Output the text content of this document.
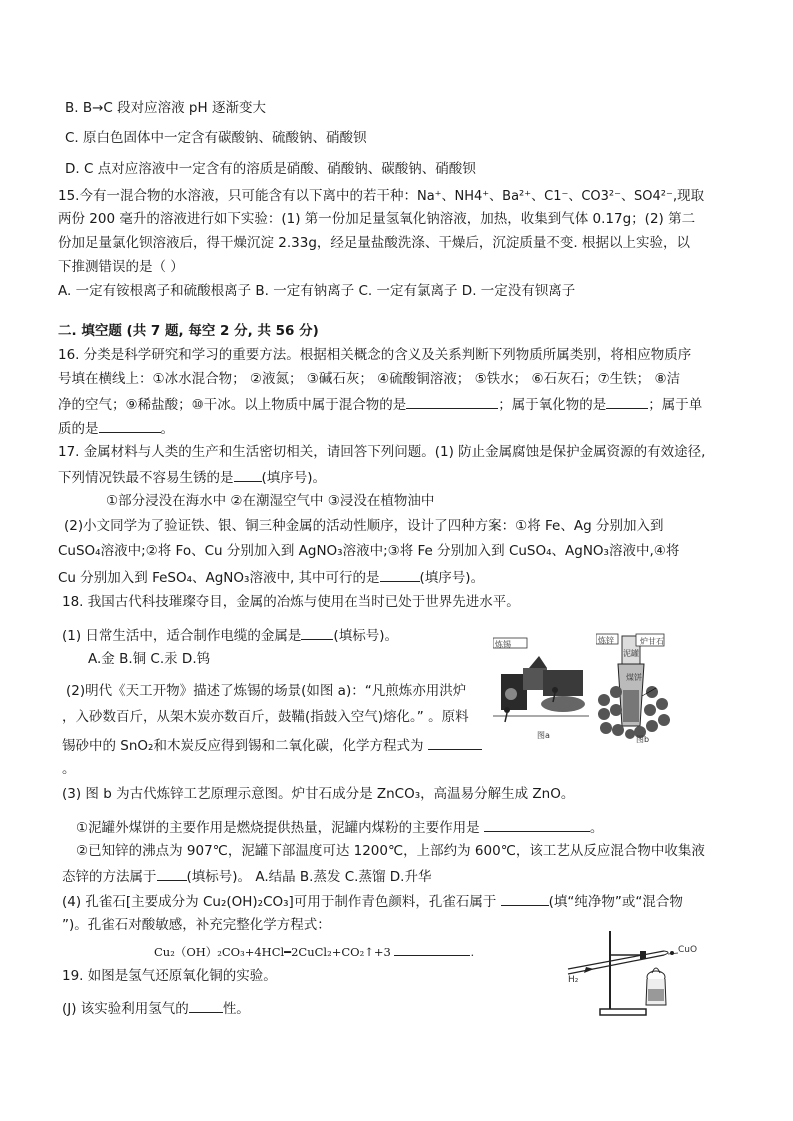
B. B→C 段对应溶液 pH 逐渐变大
C. 原白色固体中一定含有碳酸钠、硫酸钠、硝酸钡
D. C 点对应溶液中一定含有的溶质是硝酸、硝酸钠、碳酸钠、硝酸钡
15.今有一混合物的水溶液，只可能含有以下离中的若干种：Na⁺、NH4⁺、Ba²⁺、C1⁻、CO3²⁻、SO4²⁻,现取
两份 200 毫升的溶液进行如下实验：(1) 第一份加足量氢氧化钠溶液，加热，收集到气体 0.17g；(2) 第二
份加足量氯化钡溶液后，得干燥沉淀 2.33g，经足量盐酸洗涤、干燥后，沉淀质量不变. 根据以上实验，以
下推测错误的是（ ）
A. 一定有铵根离子和硫酸根离子 B. 一定有钠离子 C. 一定有氯离子 D. 一定没有钡离子
二. 填空题 (共 7 题, 每空 2 分, 共 56 分)
16. 分类是科学研究和学习的重要方法。根据相关概念的含义及关系判断下列物质所属类别，将相应物质序
号填在横线上：①冰水混合物； ②液氮； ③碱石灰； ④硫酸铜溶液； ⑤铁水； ⑥石灰石；⑦生铁； ⑧洁
净的空气；⑨稀盐酸；⑩干冰。以上物质中属于混合物的是	；属于氧化物的是	；属于单
质的是	。
17. 金属材料与人类的生产和生活密切相关，请回答下列问题。(1) 防止金属腐蚀是保护金属资源的有效途径,
下列情况铁最不容易生锈的是 (填序号)。
①部分浸没在海水中 ②在潮湿空气中 ③浸没在植物油中
(2)小文同学为了验证铁、银、铜三种金属的活动性顺序，设计了四种方案：①将 Fe、Ag 分别加入到
CuSO₄溶液中;②将 Fo、Cu 分别加入到 AgNO₃溶液中;③将 Fe 分别加入到 CuSO₄、AgNO₃溶液中,④将
Cu 分别加入到 FeSO₄、AgNO₃溶液中, 其中可行的是	(填序号)。
18. 我国古代科技璀璨夺目，金属的冶炼与使用在当时已处于世界先进水平。
(1) 日常生活中，适合制作电缆的金属是 (填标号)。
A.金 B.铜 C.汞 D.钨
(2)明代《天工开物》描述了炼锡的场景(如图 a)：“凡煎炼亦用洪炉
，入砂数百斤，从架木炭亦数百斤，鼓鞴(指鼓入空气)熔化。” 。原料
锡砂中的 SnO₂和木炭反应得到锡和二氧化碳，化学方程式为
。
(3) 图 b 为古代炼锌工艺原理示意图。炉甘石成分是 ZnCO₃，高温易分解生成 ZnO。
①泥罐外煤饼的主要作用是燃烧提供热量，泥罐内煤粉的主要作用是	。
②已知锌的沸点为 907℃，泥罐下部温度可达 1200℃，上部约为 600℃，该工艺从反应混合物中收集液
态锌的方法属于 (填标号)。 A.结晶 B.蒸发 C.蒸馏 D.升华
(4) 孔雀石[主要成分为 Cu₂(OH)₂CO₃]可用于制作青色颜料，孔雀石属于	(填“纯净物”或“混合物
”)。孔雀石对酸敏感，补充完整化学方程式：
Cu₂（OH）₂CO₃+4HCl━2CuCl₂+CO₂↑+3	.
炼锡
图a
炼锌
泥罐
炉甘石
煤饼
图b
19. 如图是氢气还原氧化铜的实验。
(J) 该实验利用氢气的	性。
H₂
CuO
